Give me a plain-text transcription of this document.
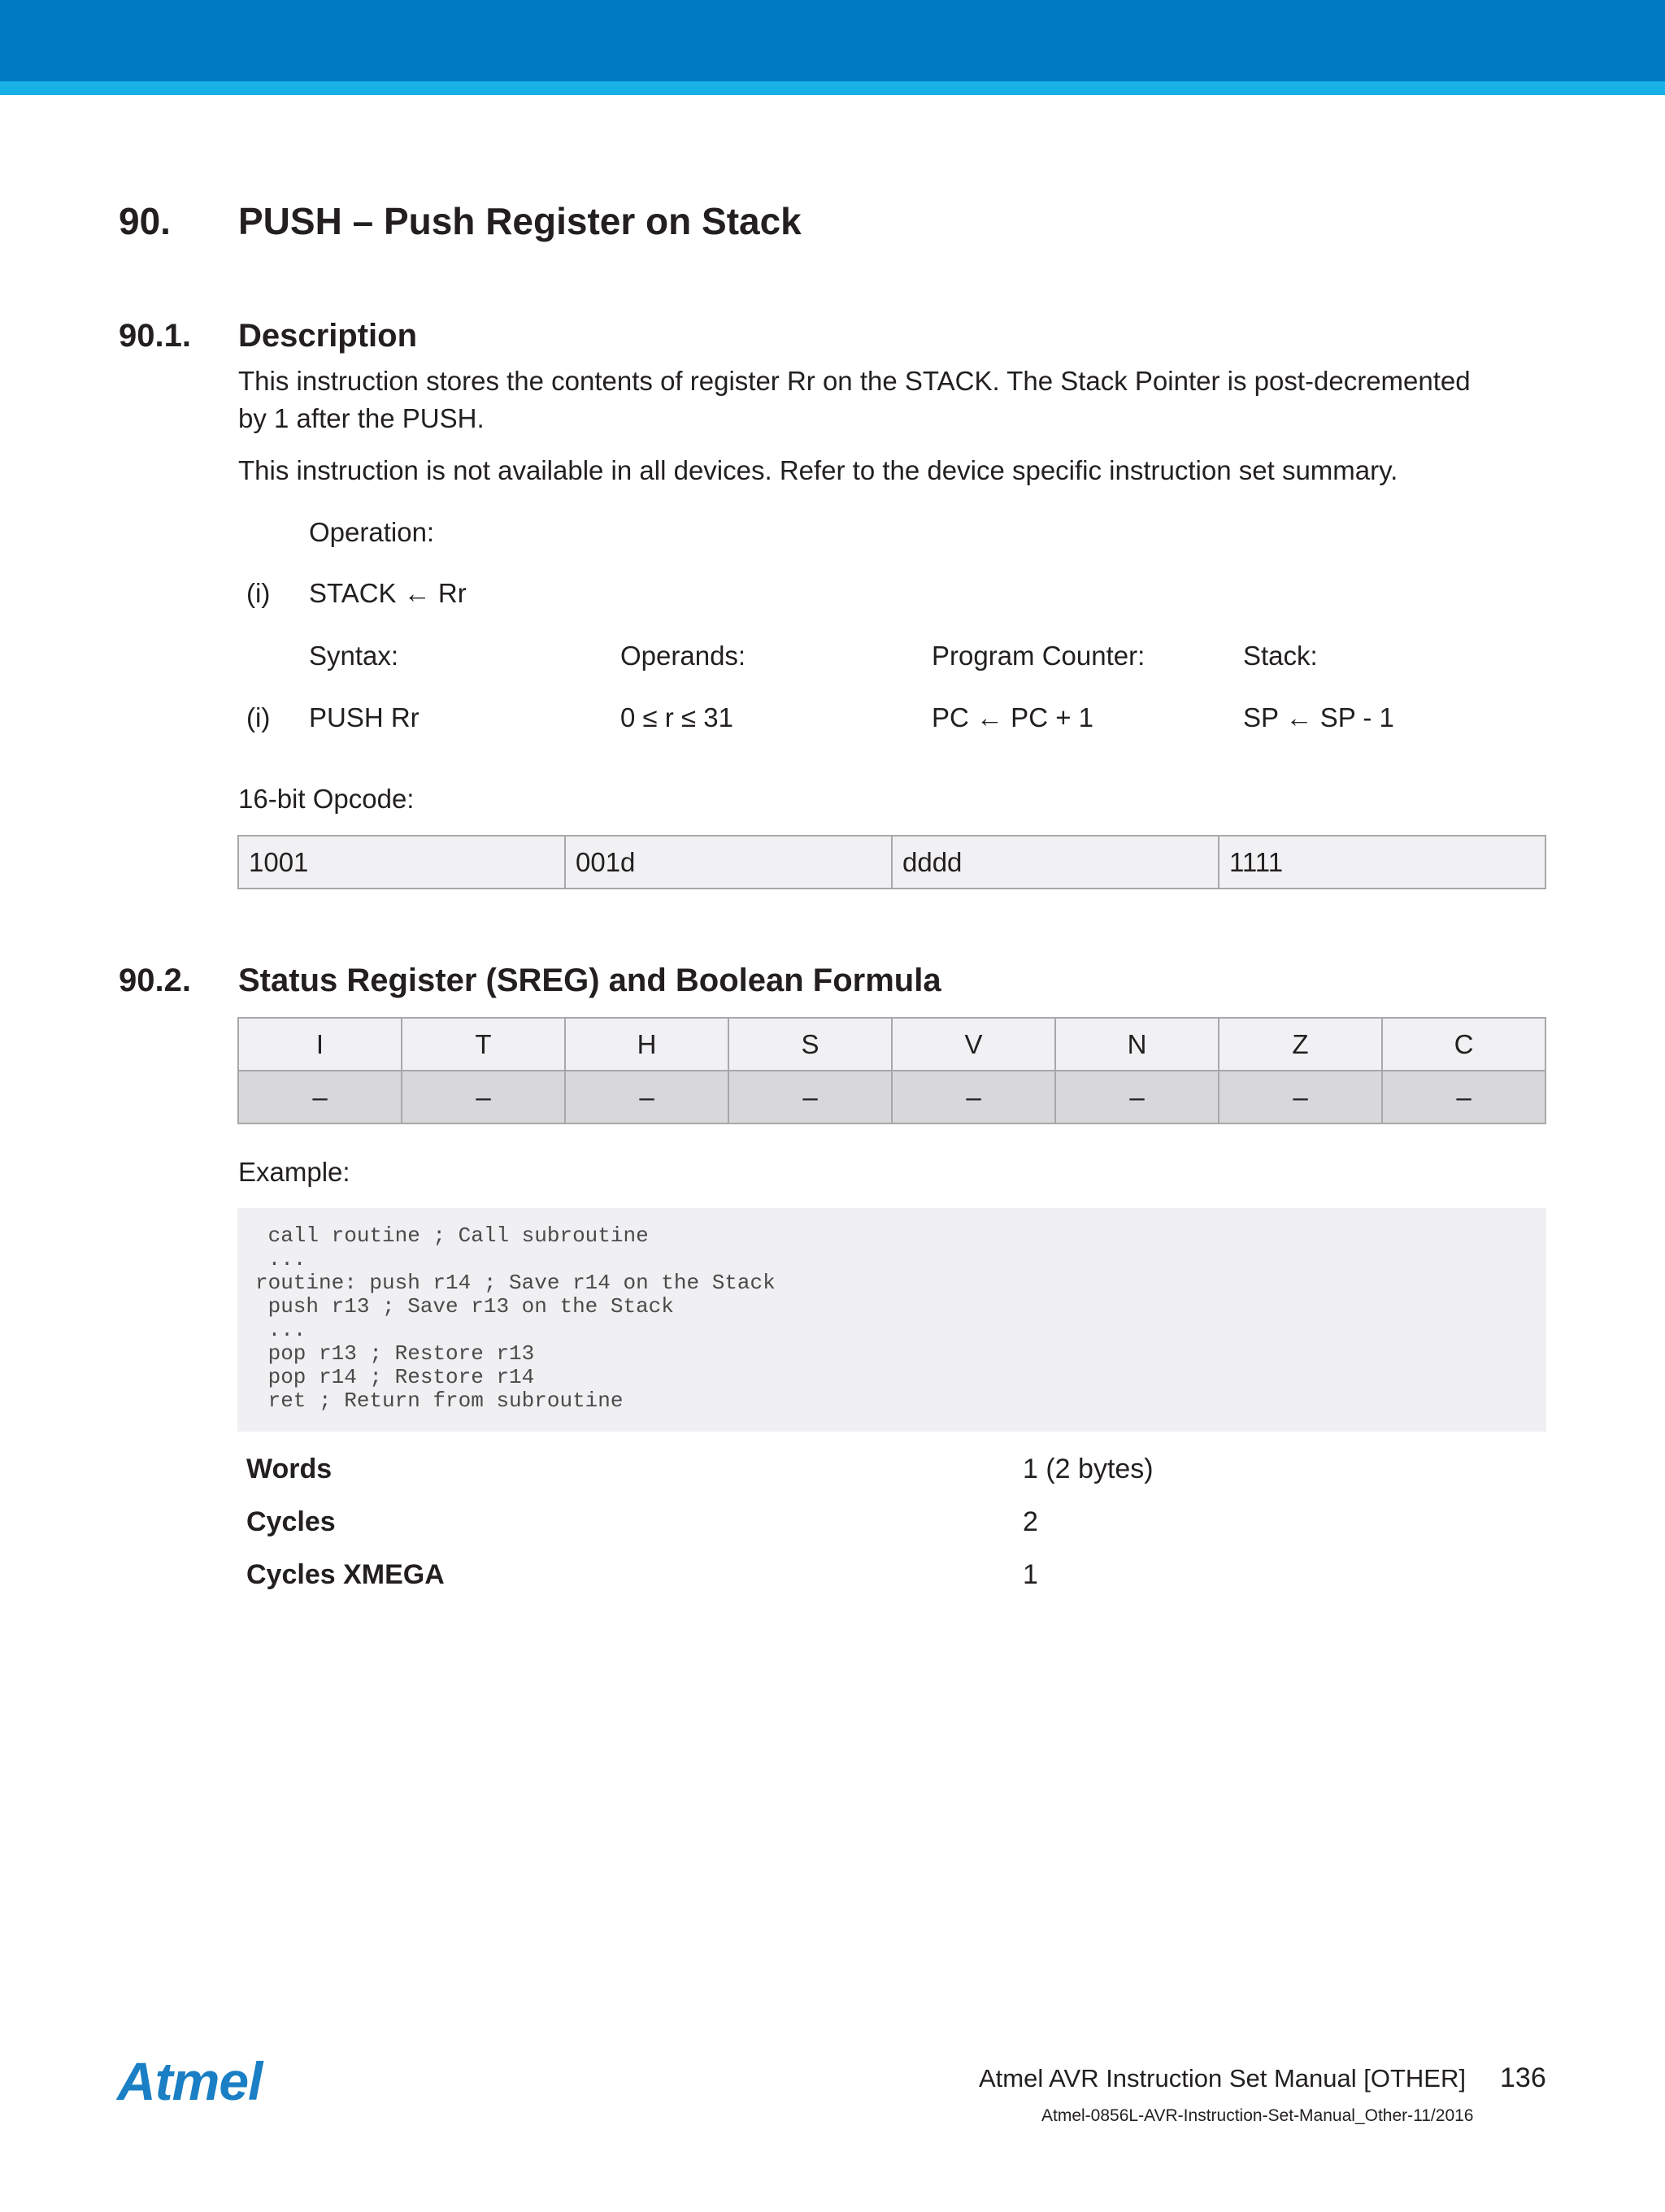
90. PUSH – Push Register on Stack
90.1. Description
This instruction stores the contents of register Rr on the STACK. The Stack Pointer is post-decremented
by 1 after the PUSH.
This instruction is not available in all devices. Refer to the device specific instruction set summary.
Operation:
(i) STACK ← Rr
Syntax:	Operands:	Program Counter:	Stack:
(i) PUSH Rr	0 ≤ r ≤ 31	PC ← PC + 1	SP ← SP - 1
16-bit Opcode:
1001	001d	dddd	1111
90.2. Status Register (SREG) and Boolean Formula
I	T	H	S	V	N	Z	C
–	–	–	–	–	–	–	–
Example:
call routine ; Call subroutine
...
routine: push r14 ; Save r14 on the Stack
push r13 ; Save r13 on the Stack
...
pop r13 ; Restore r13
pop r14 ; Restore r14
ret ; Return from subroutine
Words	1 (2 bytes)
Cycles	2
Cycles XMEGA	1
Atmel	Atmel AVR Instruction Set Manual [OTHER] 136
Atmel-0856L-AVR-Instruction-Set-Manual_Other-11/2016
